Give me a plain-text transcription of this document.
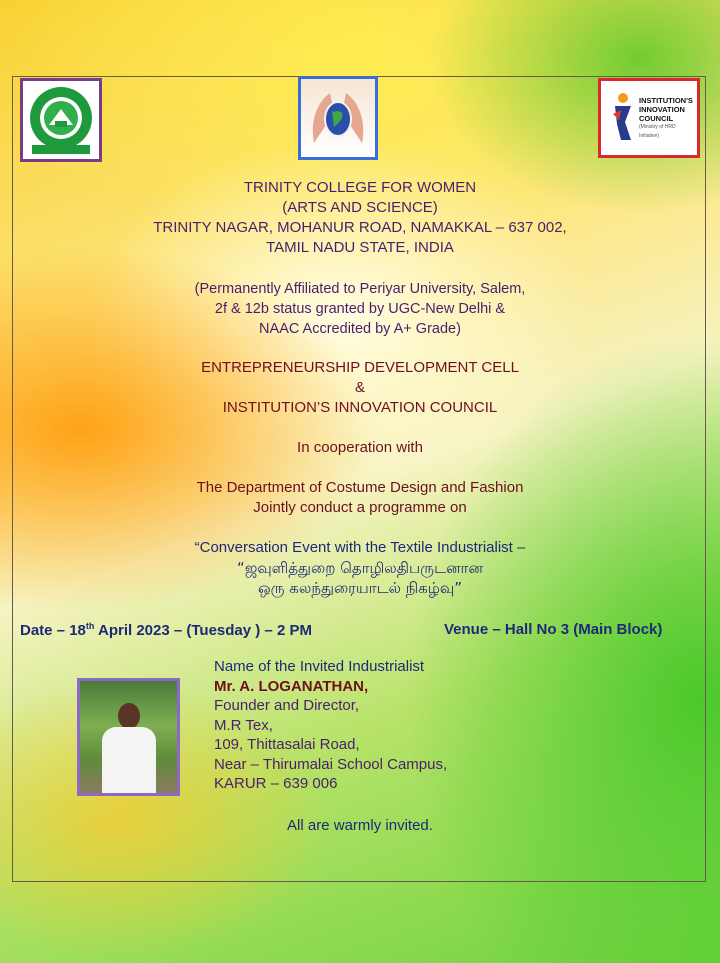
INSTITUTION'S
INNOVATION
COUNCIL
(Ministry of HRD Initiative)
TRINITY COLLEGE FOR WOMEN
(ARTS AND SCIENCE)
TRINITY NAGAR, MOHANUR ROAD, NAMAKKAL – 637 002,
TAMIL NADU STATE, INDIA
(Permanently Affiliated to Periyar University, Salem,
2f & 12b status granted by UGC-New Delhi &
NAAC Accredited by A+ Grade)
ENTREPRENEURSHIP DEVELOPMENT CELL
&
INSTITUTION’S INNOVATION COUNCIL
In cooperation with
The Department of Costume Design and Fashion
Jointly conduct a programme on
“Conversation Event with the Textile Industrialist –
“ஜவுளித்துறை தொழிலதிபருடனான
ஒரு கலந்துரையாடல் நிகழ்வு”
Date – 18th April 2023 – (Tuesday ) – 2 PM	Venue – Hall No 3 (Main Block)
Name of the Invited Industrialist
Mr. A. LOGANATHAN,
Founder and Director,
M.R Tex,
109, Thittasalai Road,
Near – Thirumalai School Campus,
KARUR – 639 006
All are warmly invited.
